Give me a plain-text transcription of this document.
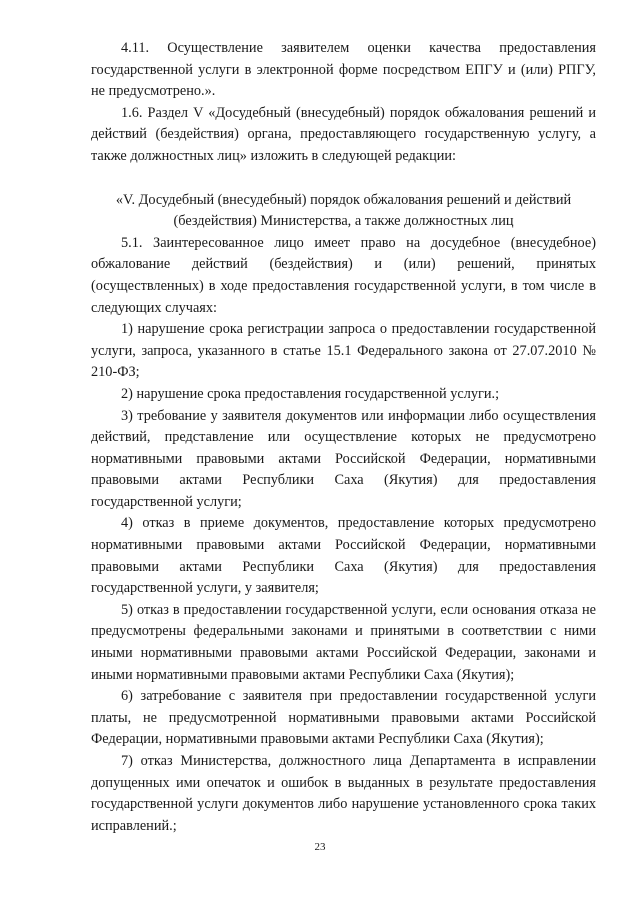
4.11. Осуществление заявителем оценки качества предоставления государственной услуги в электронной форме посредством ЕПГУ и (или) РПГУ, не предусмотрено.».

1.6. Раздел V «Досудебный (внесудебный) порядок обжалования решений и действий (бездействия) органа, предоставляющего государственную услугу, а также должностных лиц» изложить в следующей редакции:

«V. Досудебный (внесудебный) порядок обжалования решений и действий (бездействия) Министерства, а также должностных лиц

5.1. Заинтересованное лицо имеет право на досудебное (внесудебное) обжалование действий (бездействия) и (или) решений, принятых (осуществленных) в ходе предоставления государственной услуги, в том числе в следующих случаях:

1) нарушение срока регистрации запроса о предоставлении государственной услуги, запроса, указанного в статье 15.1 Федерального закона от 27.07.2010 № 210-ФЗ;

2) нарушение срока предоставления государственной услуги.;

3) требование у заявителя документов или информации либо осуществления действий, представление или осуществление которых не предусмотрено нормативными правовыми актами Российской Федерации, нормативными правовыми актами Республики Саха (Якутия) для предоставления государственной услуги;

4) отказ в приеме документов, предоставление которых предусмотрено нормативными правовыми актами Российской Федерации, нормативными правовыми актами Республики Саха (Якутия) для предоставления государственной услуги, у заявителя;

5) отказ в предоставлении государственной услуги, если основания отказа не предусмотрены федеральными законами и принятыми в соответствии с ними иными нормативными правовыми актами Российской Федерации, законами и иными нормативными правовыми актами Республики Саха (Якутия);

6) затребование с заявителя при предоставлении государственной услуги платы, не предусмотренной нормативными правовыми актами Российской Федерации, нормативными правовыми актами Республики Саха (Якутия);

7) отказ Министерства, должностного лица Департамента в исправлении допущенных ими опечаток и ошибок в выданных в результате предоставления государственной услуги документов либо нарушение установленного срока таких исправлений.;

23
